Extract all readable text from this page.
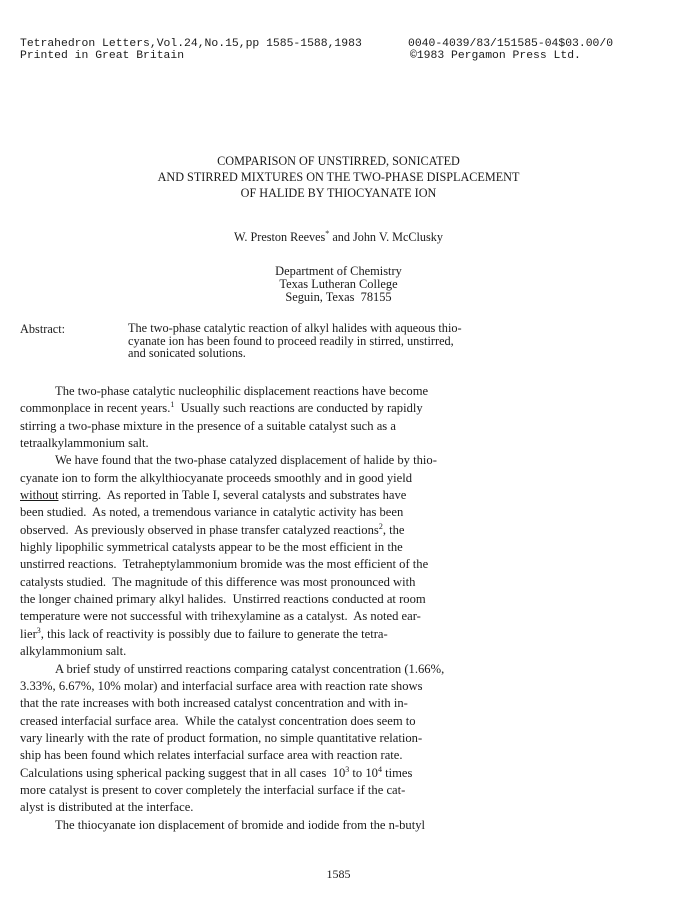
Tetrahedron Letters,Vol.24,No.15,pp 1585-1588,1983
Printed in Great Britain
0040-4039/83/151585-04$03.00/0
©1983 Pergamon Press Ltd.
COMPARISON OF UNSTIRRED, SONICATED
AND STIRRED MIXTURES ON THE TWO-PHASE DISPLACEMENT
OF HALIDE BY THIOCYANATE ION
W. Preston Reeves* and John V. McClusky
Department of Chemistry
Texas Lutheran College
Seguin, Texas  78155
Abstract:	The two-phase catalytic reaction of alkyl halides with aqueous thio-
cyanate ion has been found to proceed readily in stirred, unstirred,
and sonicated solutions.
The two-phase catalytic nucleophilic displacement reactions have become
commonplace in recent years.$^1$  Usually such reactions are conducted by rapidly
stirring a two-phase mixture in the presence of a suitable catalyst such as a
tetraalkylammonium salt.
We have found that the two-phase catalyzed displacement of halide by thio-
cyanate ion to form the alkylthiocyanate proceeds smoothly and in good yield
without stirring.  As reported in Table I, several catalysts and substrates have
been studied.  As noted, a tremendous variance in catalytic activity has been
observed.  As previously observed in phase transfer catalyzed reactions$^2$, the
highly lipophilic symmetrical catalysts appear to be the most efficient in the
unstirred reactions.  Tetraheptylammonium bromide was the most efficient of the
catalysts studied.  The magnitude of this difference was most pronounced with
the longer chained primary alkyl halides.  Unstirred reactions conducted at room
temperature were not successful with trihexylamine as a catalyst.  As noted ear-
lier$^3$, this lack of reactivity is possibly due to failure to generate the tetra-
alkylammonium salt.
A brief study of unstirred reactions comparing catalyst concentration (1.66%,
3.33%, 6.67%, 10% molar) and interfacial surface area with reaction rate shows
that the rate increases with both increased catalyst concentration and with in-
creased interfacial surface area.  While the catalyst concentration does seem to
vary linearly with the rate of product formation, no simple quantitative relation-
ship has been found which relates interfacial surface area with reaction rate.
Calculations using spherical packing suggest that in all cases  $10^3$ to $10^4$ times
more catalyst is present to cover completely the interfacial surface if the cat-
alyst is distributed at the interface.
The thiocyanate ion displacement of bromide and iodide from the n-butyl
1585
